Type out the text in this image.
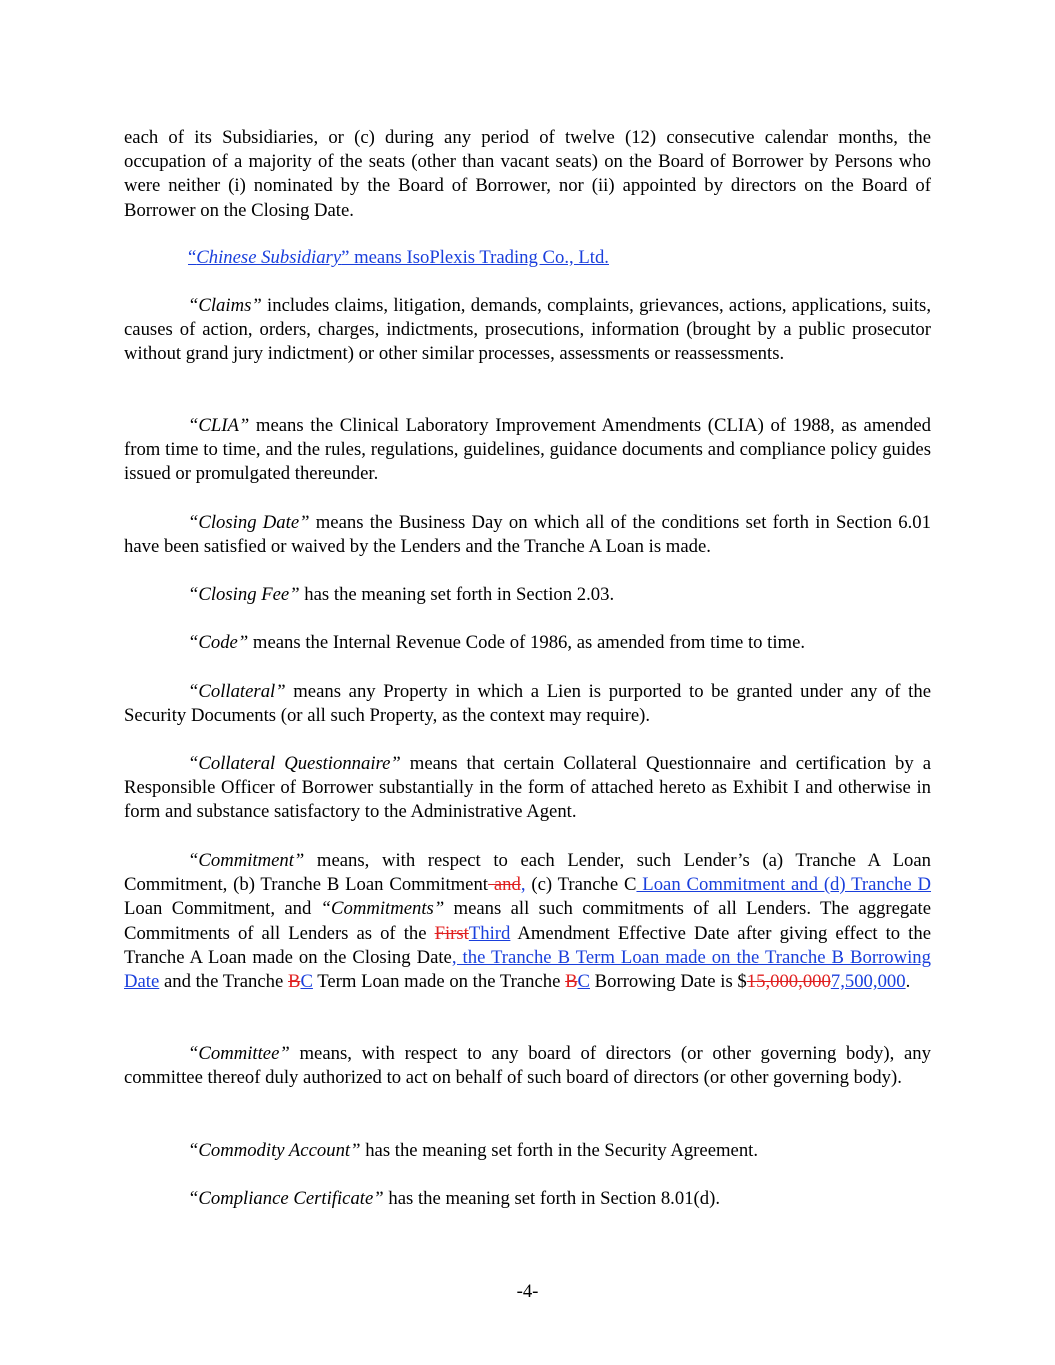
each of its Subsidiaries, or (c) during any period of twelve (12) consecutive calendar months, the occupation of a majority of the seats (other than vacant seats) on the Board of Borrower by Persons who were neither (i) nominated by the Board of Borrower, nor (ii) appointed by directors on the Board of Borrower on the Closing Date.

“Chinese Subsidiary” means IsoPlexis Trading Co., Ltd.

“Claims” includes claims, litigation, demands, complaints, grievances, actions, applications, suits, causes of action, orders, charges, indictments, prosecutions, information (brought by a public prosecutor without grand jury indictment) or other similar processes, assessments or reassessments.

“CLIA” means the Clinical Laboratory Improvement Amendments (CLIA) of 1988, as amended from time to time, and the rules, regulations, guidelines, guidance documents and compliance policy guides issued or promulgated thereunder.

“Closing Date” means the Business Day on which all of the conditions set forth in Section 6.01 have been satisfied or waived by the Lenders and the Tranche A Loan is made.

“Closing Fee” has the meaning set forth in Section 2.03.

“Code” means the Internal Revenue Code of 1986, as amended from time to time.

“Collateral” means any Property in which a Lien is purported to be granted under any of the Security Documents (or all such Property, as the context may require).

“Collateral Questionnaire” means that certain Collateral Questionnaire and certification by a Responsible Officer of Borrower substantially in the form of attached hereto as Exhibit I and otherwise in form and substance satisfactory to the Administrative Agent.

“Commitment” means, with respect to each Lender, such Lender’s (a) Tranche A Loan Commitment, (b) Tranche B Loan Commitment and, (c) Tranche C Loan Commitment and (d) Tranche D Loan Commitment, and “Commitments” means all such commitments of all Lenders. The aggregate Commitments of all Lenders as of the FirstThird Amendment Effective Date after giving effect to the Tranche A Loan made on the Closing Date, the Tranche B Term Loan made on the Tranche B Borrowing Date and the Tranche BC Term Loan made on the Tranche BC Borrowing Date is $15,000,0007,500,000.

“Committee” means, with respect to any board of directors (or other governing body), any committee thereof duly authorized to act on behalf of such board of directors (or other governing body).

“Commodity Account” has the meaning set forth in the Security Agreement.

“Compliance Certificate” has the meaning set forth in Section 8.01(d).

-4-
